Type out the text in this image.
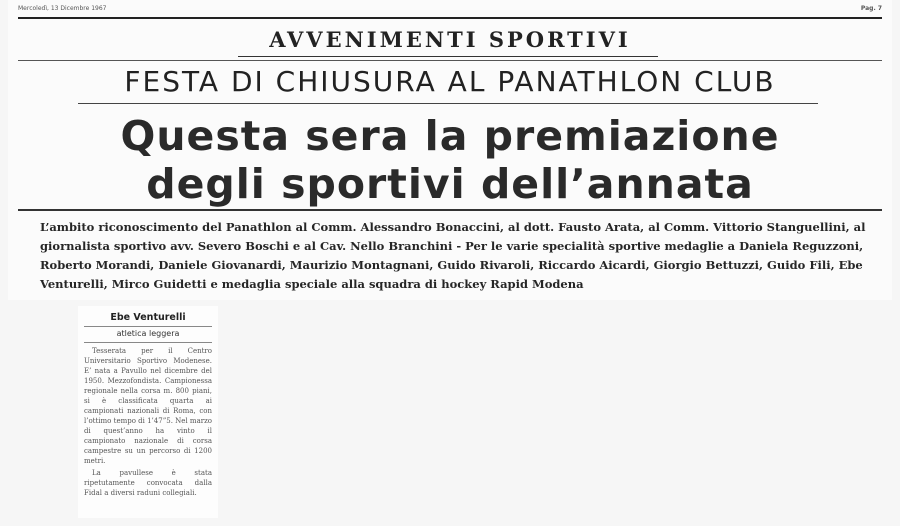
Mercoledì, 13 Dicembre 1967	Pag. 7
AVVENIMENTI SPORTIVI
FESTA DI CHIUSURA AL PANATHLON CLUB
Questa sera la premiazione
degli sportivi dell’annata
L’ambito riconoscimento del Panathlon al Comm. Alessandro Bonaccini, al dott. Fausto Arata, al Comm. Vittorio Stanguellini, al giornalista sportivo avv. Severo Boschi e al Cav. Nello Branchini - Per le varie specialità sportive medaglie a Daniela Reguzzoni, Roberto Morandi, Daniele Giovanardi, Maurizio Montagnani, Guido Rivaroli, Riccardo Aicardi, Giorgio Bettuzzi, Guido Fili, Ebe Venturelli, Mirco Guidetti e medaglia speciale alla squadra di hockey Rapid Modena
Ebe Venturelli
atletica leggera

Tesserata per il Centro Universitario Sportivo Modenese. E’ nata a Pavullo nel dicembre del 1950. Mezzofondista. Campionessa regionale nella corsa m. 800 piani, si è classificata quarta ai campionati nazionali di Roma, con l’ottimo tempo di 1’47”5. Nel marzo di quest’anno ha vinto il campionato nazionale di corsa campestre su un percorso di 1200 metri.

La pavullese è stata ripetutamente convocata dalla Fidal a diversi raduni collegiali.
